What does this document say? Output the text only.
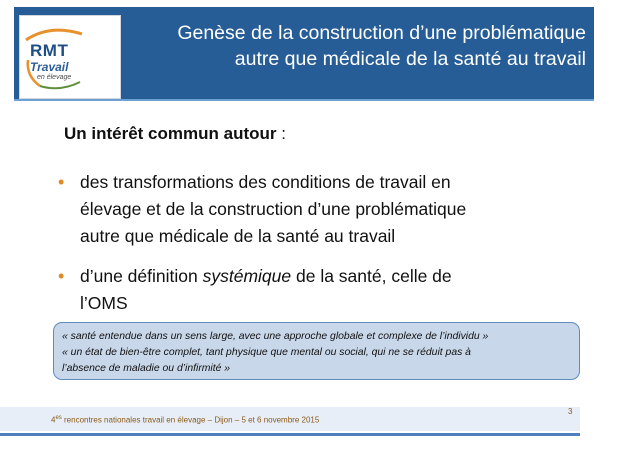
RMT
Travail
en élevage
Genèse de la construction d’une problématique
autre que médicale de la santé au travail
Un intérêt commun autour :
• des transformations des conditions de travail en
élevage et de la construction d’une problématique
autre que médicale de la santé au travail
• d’une définition systémique de la santé, celle de
l’OMS
« santé entendue dans un sens large, avec une approche globale et complexe de l’individu »
« un état de bien-être complet, tant physique que mental ou social, qui ne se réduit pas à
l’absence de maladie ou d’infirmité »
$4^{es}$ rencontres nationales travail en élevage – Dijon – 5 et 6 novembre 2015
3
